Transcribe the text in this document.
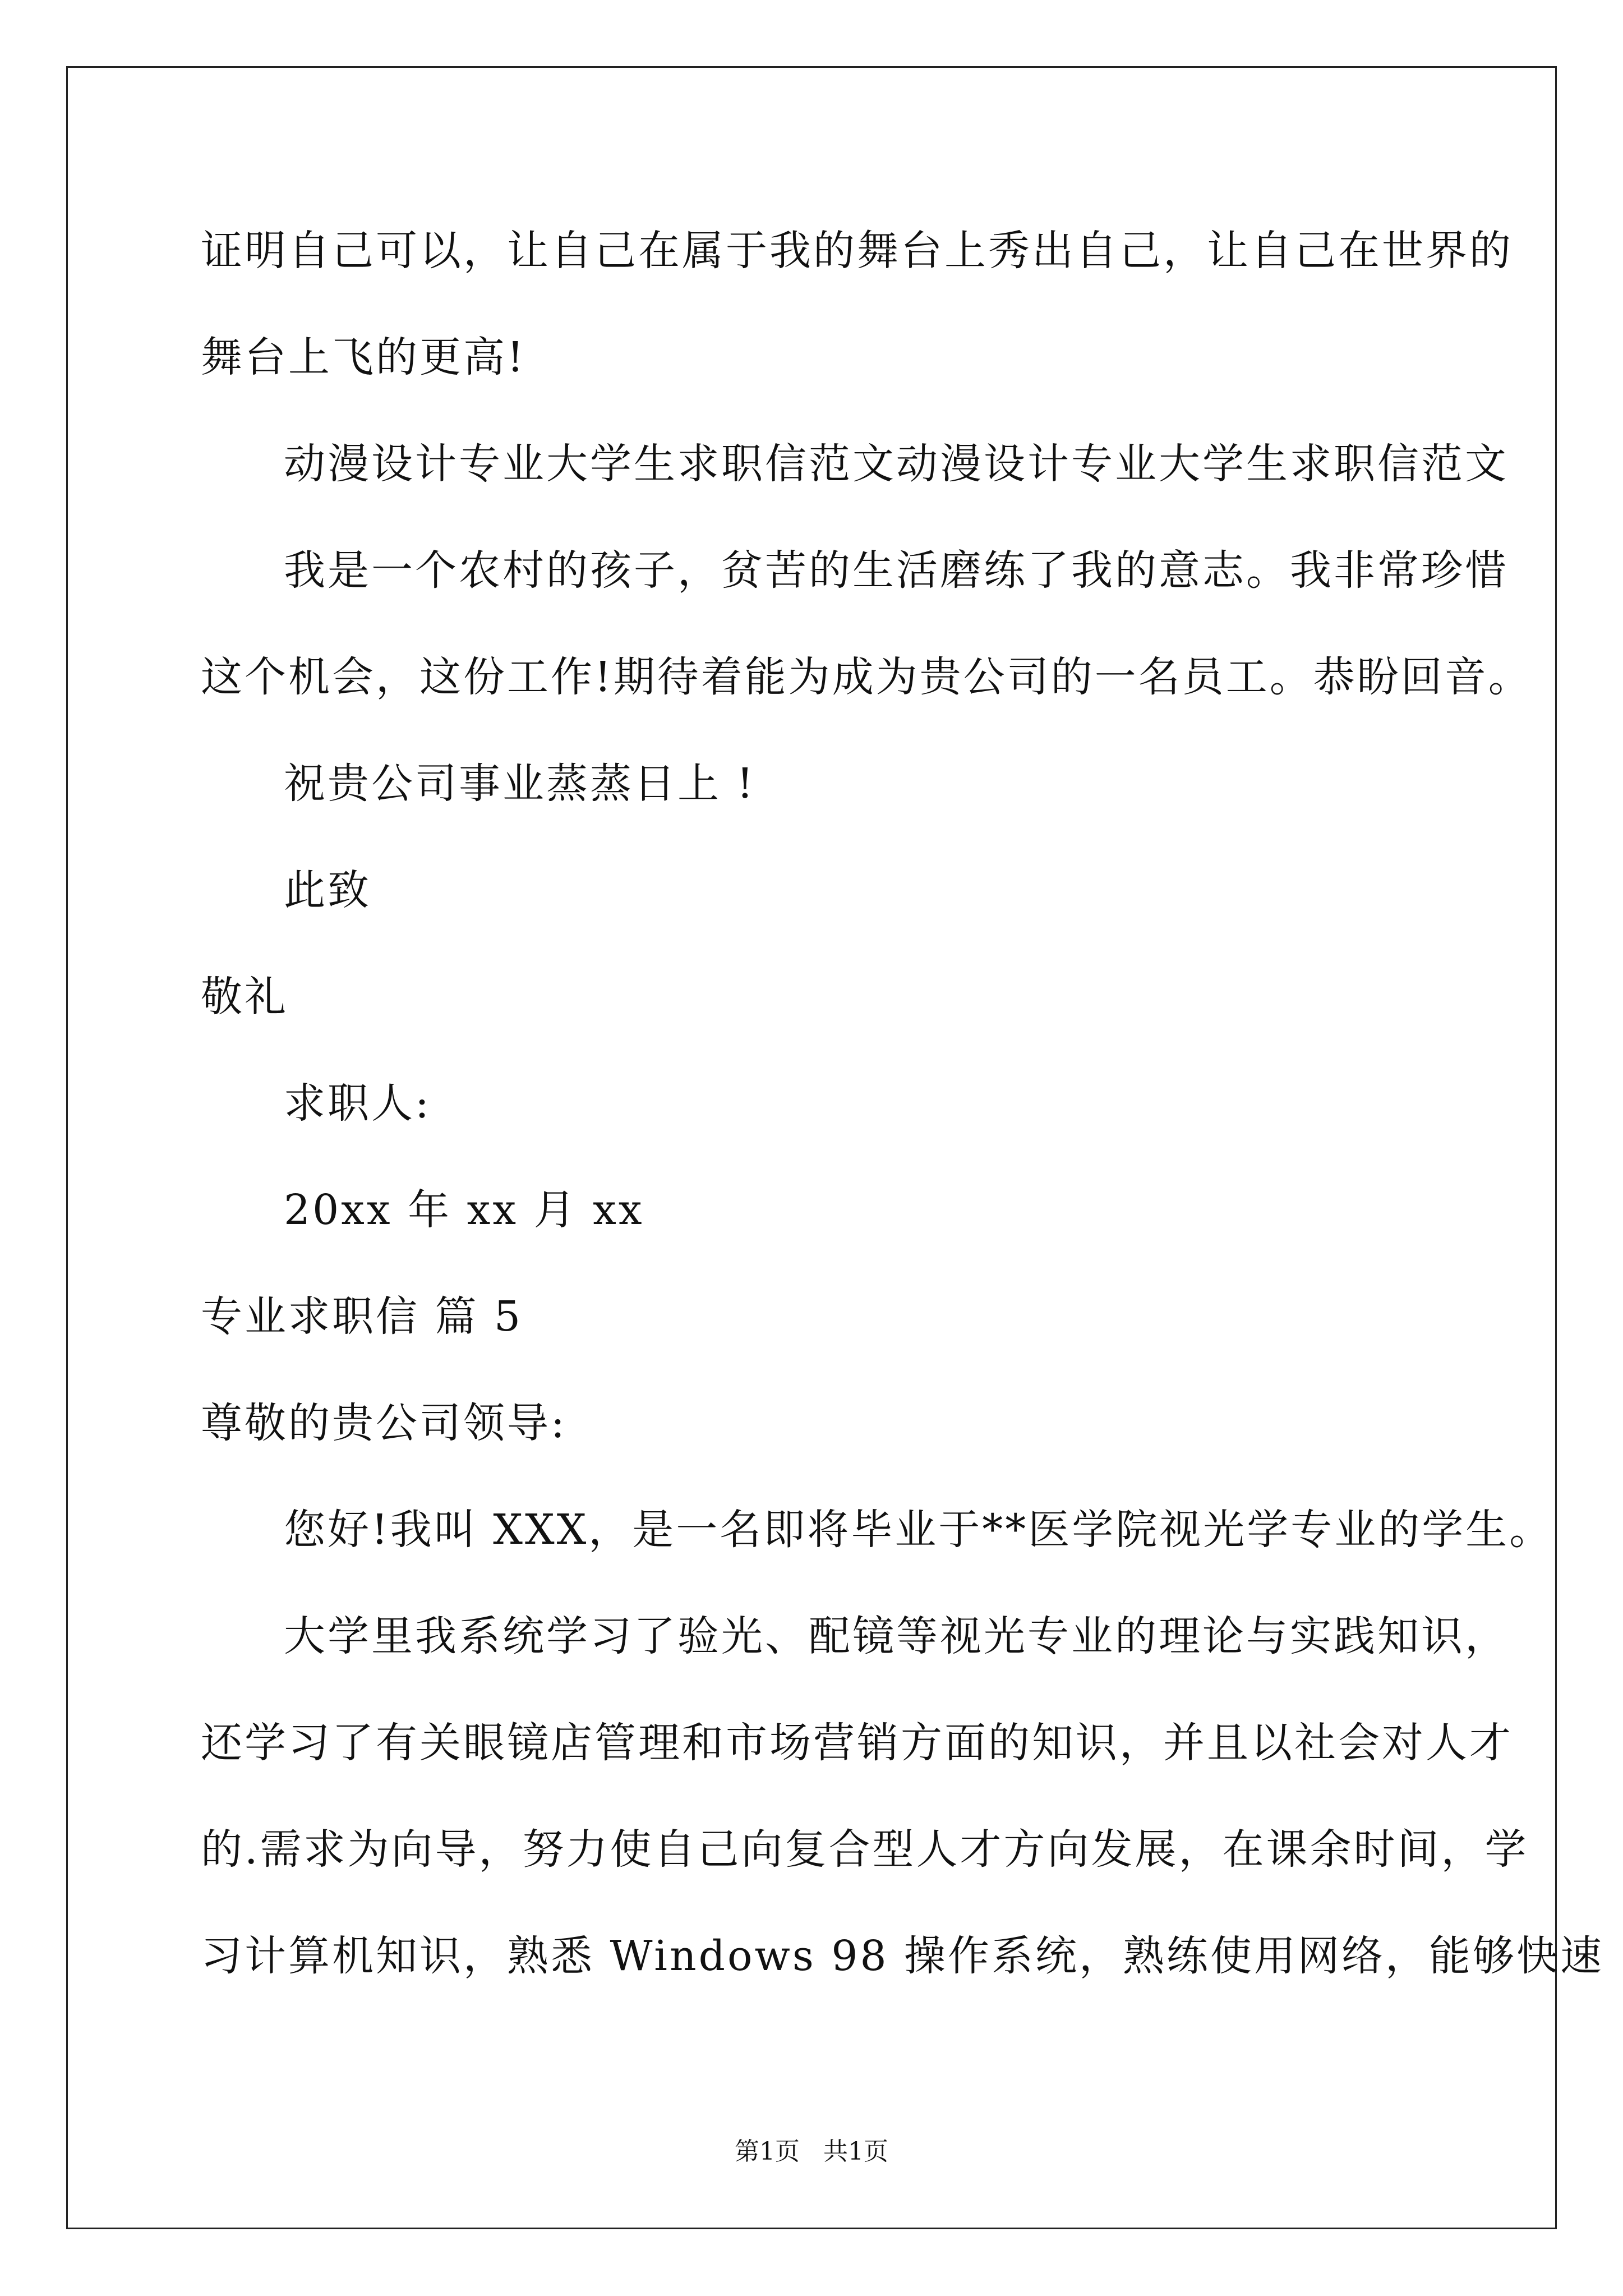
证明自己可以，让自己在属于我的舞台上秀出自己，让自己在世界的
舞台上飞的更高!
动漫设计专业大学生求职信范文动漫设计专业大学生求职信范文
我是一个农村的孩子，贫苦的生活磨练了我的意志。我非常珍惜
这个机会，这份工作!期待着能为成为贵公司的一名员工。恭盼回音。
祝贵公司事业蒸蒸日上 !
此致
敬礼
求职人:
20xx 年 xx 月 xx
专业求职信 篇 5
尊敬的贵公司领导:
您好!我叫 XXX，是一名即将毕业于**医学院视光学专业的学生。
大学里我系统学习了验光、配镜等视光专业的理论与实践知识，
还学习了有关眼镜店管理和市场营销方面的知识，并且以社会对人才
的.需求为向导，努力使自己向复合型人才方向发展，在课余时间，学
习计算机知识，熟悉 Windows 98 操作系统，熟练使用网络，能够快速
第1页   共1页
